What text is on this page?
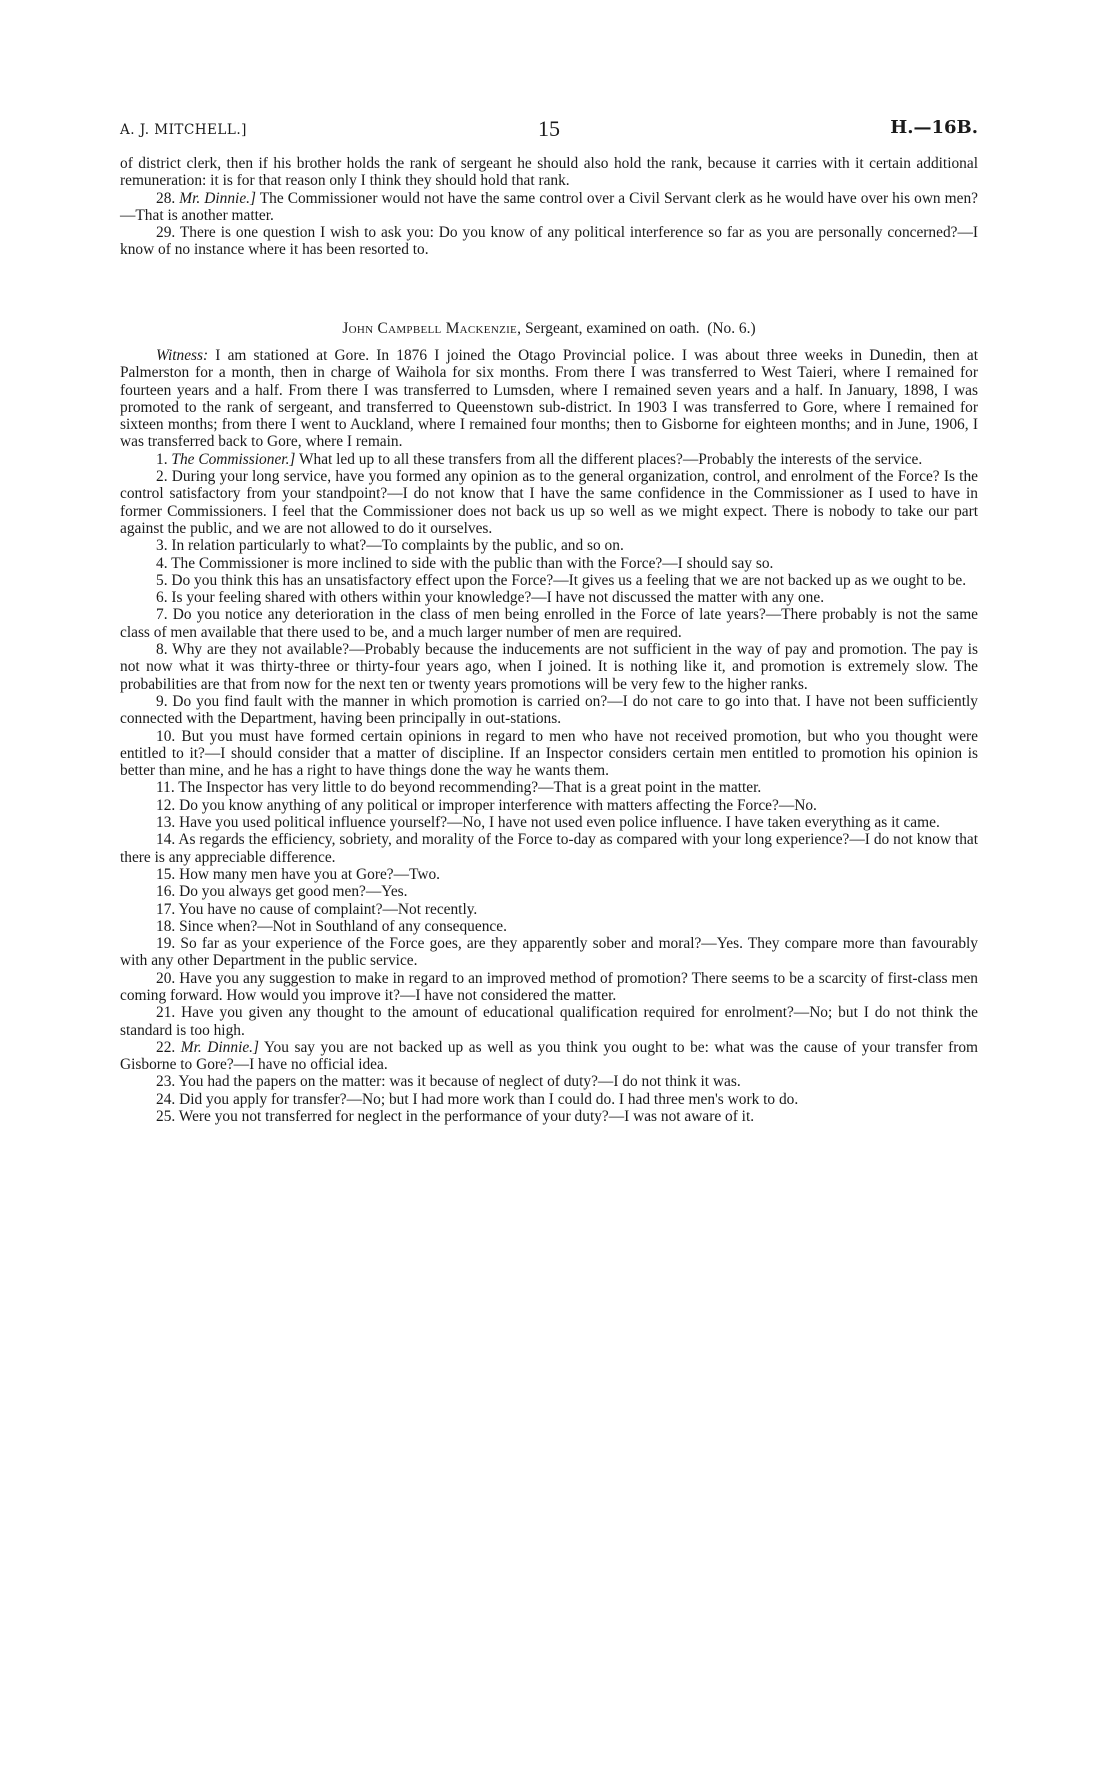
A. J. MITCHELL.]	15	H.—16B.

of district clerk, then if his brother holds the rank of sergeant he should also hold the rank, because it carries with it certain additional remuneration: it is for that reason only I think they should hold that rank.

28. Mr. Dinnie.] The Commissioner would not have the same control over a Civil Servant clerk as he would have over his own men?—That is another matter.

29. There is one question I wish to ask you: Do you know of any political interference so far as you are personally concerned?—I know of no instance where it has been resorted to.

John Campbell Mackenzie, Sergeant, examined on oath. (No. 6.)

Witness: I am stationed at Gore. In 1876 I joined the Otago Provincial police. I was about three weeks in Dunedin, then at Palmerston for a month, then in charge of Waihola for six months. From there I was transferred to West Taieri, where I remained for fourteen years and a half. From there I was transferred to Lumsden, where I remained seven years and a half. In January, 1898, I was promoted to the rank of sergeant, and transferred to Queenstown sub-district. In 1903 I was transferred to Gore, where I remained for sixteen months; from there I went to Auckland, where I remained four months; then to Gisborne for eighteen months; and in June, 1906, I was transferred back to Gore, where I remain.

1. The Commissioner.] What led up to all these transfers from all the different places?—Probably the interests of the service.

2. During your long service, have you formed any opinion as to the general organization, control, and enrolment of the Force? Is the control satisfactory from your standpoint?—I do not know that I have the same confidence in the Commissioner as I used to have in former Commissioners. I feel that the Commissioner does not back us up so well as we might expect. There is nobody to take our part against the public, and we are not allowed to do it ourselves.

3. In relation particularly to what?—To complaints by the public, and so on.

4. The Commissioner is more inclined to side with the public than with the Force?—I should say so.

5. Do you think this has an unsatisfactory effect upon the Force?—It gives us a feeling that we are not backed up as we ought to be.

6. Is your feeling shared with others within your knowledge?—I have not discussed the matter with any one.

7. Do you notice any deterioration in the class of men being enrolled in the Force of late years?—There probably is not the same class of men available that there used to be, and a much larger number of men are required.

8. Why are they not available?—Probably because the inducements are not sufficient in the way of pay and promotion. The pay is not now what it was thirty-three or thirty-four years ago, when I joined. It is nothing like it, and promotion is extremely slow. The probabilities are that from now for the next ten or twenty years promotions will be very few to the higher ranks.

9. Do you find fault with the manner in which promotion is carried on?—I do not care to go into that. I have not been sufficiently connected with the Department, having been principally in out-stations.

10. But you must have formed certain opinions in regard to men who have not received promotion, but who you thought were entitled to it?—I should consider that a matter of discipline. If an Inspector considers certain men entitled to promotion his opinion is better than mine, and he has a right to have things done the way he wants them.

11. The Inspector has very little to do beyond recommending?—That is a great point in the matter.

12. Do you know anything of any political or improper interference with matters affecting the Force?—No.

13. Have you used political influence yourself?—No, I have not used even police influence. I have taken everything as it came.

14. As regards the efficiency, sobriety, and morality of the Force to-day as compared with your long experience?—I do not know that there is any appreciable difference.

15. How many men have you at Gore?—Two.

16. Do you always get good men?—Yes.

17. You have no cause of complaint?—Not recently.

18. Since when?—Not in Southland of any consequence.

19. So far as your experience of the Force goes, are they apparently sober and moral?—Yes. They compare more than favourably with any other Department in the public service.

20. Have you any suggestion to make in regard to an improved method of promotion? There seems to be a scarcity of first-class men coming forward. How would you improve it?—I have not considered the matter.

21. Have you given any thought to the amount of educational qualification required for enrolment?—No; but I do not think the standard is too high.

22. Mr. Dinnie.] You say you are not backed up as well as you think you ought to be: what was the cause of your transfer from Gisborne to Gore?—I have no official idea.

23. You had the papers on the matter: was it because of neglect of duty?—I do not think it was.

24. Did you apply for transfer?—No; but I had more work than I could do. I had three men's work to do.

25. Were you not transferred for neglect in the performance of your duty?—I was not aware of it.
